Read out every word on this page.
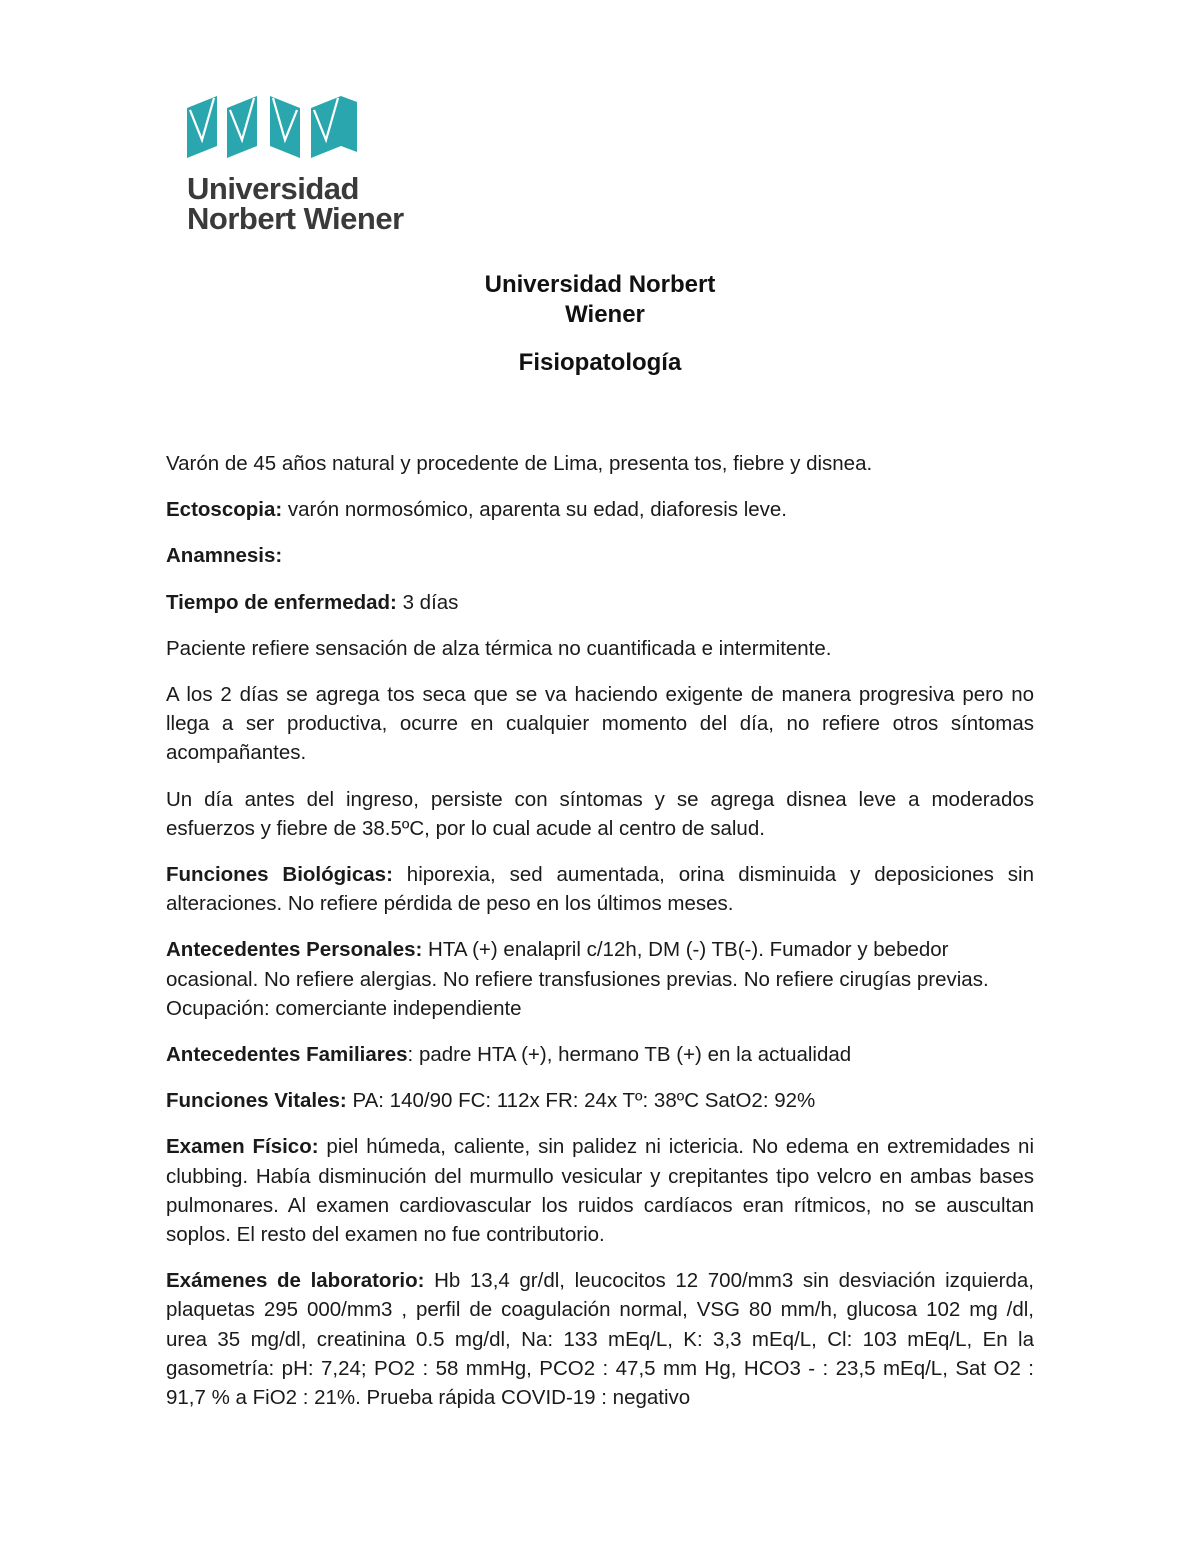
Universidad
Norbert Wiener
Universidad Norbert
Wiener
Fisiopatología

Varón de 45 años natural y procedente de Lima, presenta tos, fiebre y disnea.

Ectoscopia: varón normosómico, aparenta su edad, diaforesis leve.

Anamnesis:

Tiempo de enfermedad: 3 días

Paciente refiere sensación de alza térmica no cuantificada e intermitente.

A los 2 días se agrega tos seca que se va haciendo exigente de manera progresiva pero no llega a ser productiva, ocurre en cualquier momento del día, no refiere otros síntomas acompañantes.

Un día antes del ingreso, persiste con síntomas y se agrega disnea leve a moderados esfuerzos y fiebre de 38.5ºC, por lo cual acude al centro de salud.

Funciones Biológicas: hiporexia, sed aumentada, orina disminuida y deposiciones sin alteraciones. No refiere pérdida de peso en los últimos meses.

Antecedentes Personales: HTA (+) enalapril c/12h, DM (-) TB(-). Fumador y bebedor ocasional. No refiere alergias. No refiere transfusiones previas. No refiere cirugías previas. Ocupación: comerciante independiente

Antecedentes Familiares: padre HTA (+), hermano TB (+) en la actualidad

Funciones Vitales: PA: 140/90 FC: 112x FR: 24x Tº: 38ºC SatO2: 92%

Examen Físico: piel húmeda, caliente, sin palidez ni ictericia. No edema en extremidades ni clubbing. Había disminución del murmullo vesicular y crepitantes tipo velcro en ambas bases pulmonares. Al examen cardiovascular los ruidos cardíacos eran rítmicos, no se auscultan soplos. El resto del examen no fue contributorio.

Exámenes de laboratorio: Hb 13,4 gr/dl, leucocitos 12 700/mm3 sin desviación izquierda, plaquetas 295 000/mm3 , perfil de coagulación normal, VSG 80 mm/h, glucosa 102 mg /dl, urea 35 mg/dl, creatinina 0.5 mg/dl, Na: 133 mEq/L, K: 3,3 mEq/L, Cl: 103 mEq/L, En la gasometría: pH: 7,24; PO2 : 58 mmHg, PCO2 : 47,5 mm Hg, HCO3 - : 23,5 mEq/L, Sat O2 : 91,7 % a FiO2 : 21%. Prueba rápida COVID-19 : negativo
